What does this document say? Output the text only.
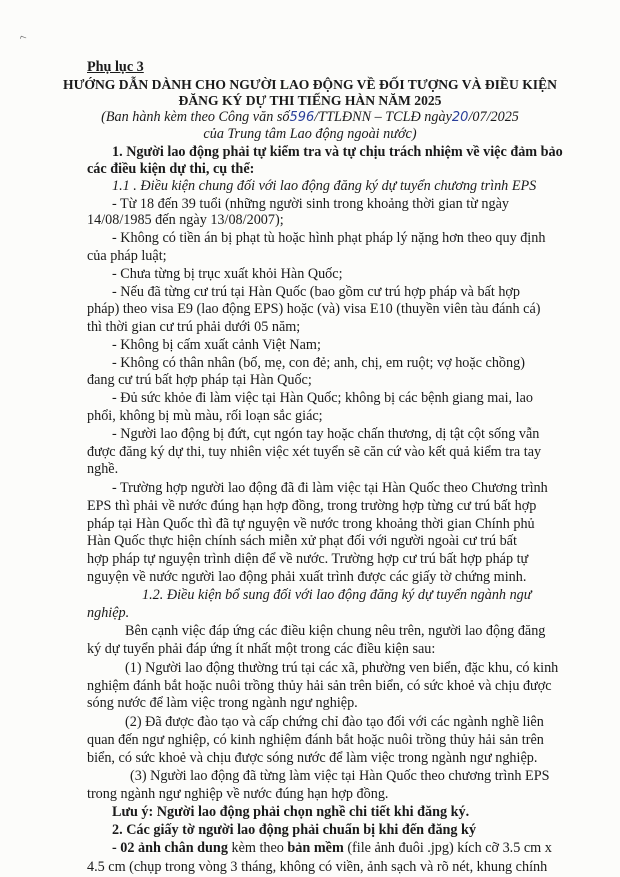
⌐
Phụ lục 3
HƯỚNG DẪN DÀNH CHO NGƯỜI LAO ĐỘNG VỀ ĐỐI TƯỢNG VÀ ĐIỀU KIỆN
ĐĂNG KÝ DỰ THI TIẾNG HÀN NĂM 2025
(Ban hành kèm theo Công văn số596/TTLĐNN – TCLĐ ngày20/07/2025
của Trung tâm Lao động ngoài nước)
1. Người lao động phải tự kiểm tra và tự chịu trách nhiệm về việc đảm bảo
các điều kiện dự thi, cụ thể:
1.1 . Điều kiện chung đối với lao động đăng ký dự tuyển chương trình EPS
- Từ 18 đến 39 tuổi (những người sinh trong khoảng thời gian từ ngày
14/08/1985 đến ngày 13/08/2007);
- Không có tiền án bị phạt tù hoặc hình phạt pháp lý nặng hơn theo quy định
của pháp luật;
- Chưa từng bị trục xuất khỏi Hàn Quốc;
- Nếu đã từng cư trú tại Hàn Quốc (bao gồm cư trú hợp pháp và bất hợp
pháp) theo visa E9 (lao động EPS) hoặc (và) visa E10 (thuyền viên tàu đánh cá)
thì thời gian cư trú phải dưới 05 năm;
- Không bị cấm xuất cảnh Việt Nam;
- Không có thân nhân (bố, mẹ, con đẻ; anh, chị, em ruột; vợ hoặc chồng)
đang cư trú bất hợp pháp tại Hàn Quốc;
- Đủ sức khỏe đi làm việc tại Hàn Quốc; không bị các bệnh giang mai, lao
phổi, không bị mù màu, rối loạn sắc giác;
- Người lao động bị đứt, cụt ngón tay hoặc chấn thương, dị tật cột sống vẫn
được đăng ký dự thi, tuy nhiên việc xét tuyển sẽ căn cứ vào kết quả kiểm tra tay
nghề.
- Trường hợp người lao động đã đi làm việc tại Hàn Quốc theo Chương trình
EPS thì phải về nước đúng hạn hợp đồng, trong trường hợp từng cư trú bất hợp
pháp tại Hàn Quốc thì đã tự nguyện về nước trong khoảng thời gian Chính phủ
Hàn Quốc thực hiện chính sách miễn xử phạt đối với người ngoài cư trú bất
hợp pháp tự nguyện trình diện để về nước. Trường hợp cư trú bất hợp pháp tự
nguyện về nước người lao động phải xuất trình được các giấy tờ chứng minh.
1.2. Điều kiện bổ sung đối với lao động đăng ký dự tuyển ngành ngư
nghiệp.
Bên cạnh việc đáp ứng các điều kiện chung nêu trên, người lao động đăng
ký dự tuyển phải đáp ứng ít nhất một trong các điều kiện sau:
(1) Người lao động thường trú tại các xã, phường ven biển, đặc khu, có kinh
nghiệm đánh bắt hoặc nuôi trồng thủy hải sản trên biển, có sức khoẻ và chịu được
sóng nước để làm việc trong ngành ngư nghiệp.
(2) Đã được đào tạo và cấp chứng chỉ đào tạo đối với các ngành nghề liên
quan đến ngư nghiệp, có kinh nghiệm đánh bắt hoặc nuôi trồng thủy hải sản trên
biển, có sức khoẻ và chịu được sóng nước để làm việc trong ngành ngư nghiệp.
(3) Người lao động đã từng làm việc tại Hàn Quốc theo chương trình EPS
trong ngành ngư nghiệp về nước đúng hạn hợp đồng.
Lưu ý: Người lao động phải chọn nghề chi tiết khi đăng ký.
2. Các giấy tờ người lao động phải chuẩn bị khi đến đăng ký
- 02 ảnh chân dung kèm theo bản mềm (file ảnh đuôi .jpg) kích cỡ 3.5 cm x
4.5 cm (chụp trong vòng 3 tháng, không có viền, ảnh sạch và rõ nét, khung chính
